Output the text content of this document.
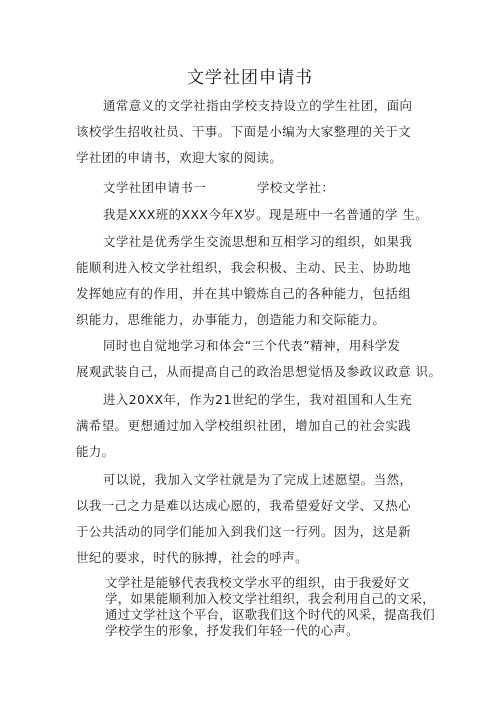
文学社团申请书
通常意义的文学社指由学校支持设立的学生社团，面向
该校学生招收社员、干事。下面是小编为大家整理的关于文
学社团的申请书，欢迎大家的阅读。
文学社团申请书一	学校文学社：
我是XXX班的XXX今年X岁。现是班中一名普通的学 生。
文学社是优秀学生交流思想和互相学习的组织，如果我
能顺利进入校文学社组织，我会积极、主动、民主、协助地
发挥她应有的作用，并在其中锻炼自己的各种能力，包括组
织能力，思维能力，办事能力，创造能力和交际能力。
同时也自觉地学习和体会“三个代表”精神，用科学发
展观武装自己，从而提高自己的政治思想觉悟及参政议政意 识。
进入20XX年，作为21世纪的学生，我对祖国和人生充
满希望。更想通过加入学校组织社团，增加自己的社会实践
能力。
可以说，我加入文学社就是为了完成上述愿望。当然，
以我一己之力是难以达成心愿的，我希望爱好文学、又热心
于公共活动的同学们能加入到我们这一行列。因为，这是新
世纪的要求，时代的脉搏，社会的呼声。
文学社是能够代表我校文学水平的组织，由于我爱好文
学，如果能顺利加入校文学社组织，我会利用自己的文采，
通过文学社这个平台，讴歌我们这个时代的风采，提高我们
学校学生的形象，抒发我们年轻一代的心声。
